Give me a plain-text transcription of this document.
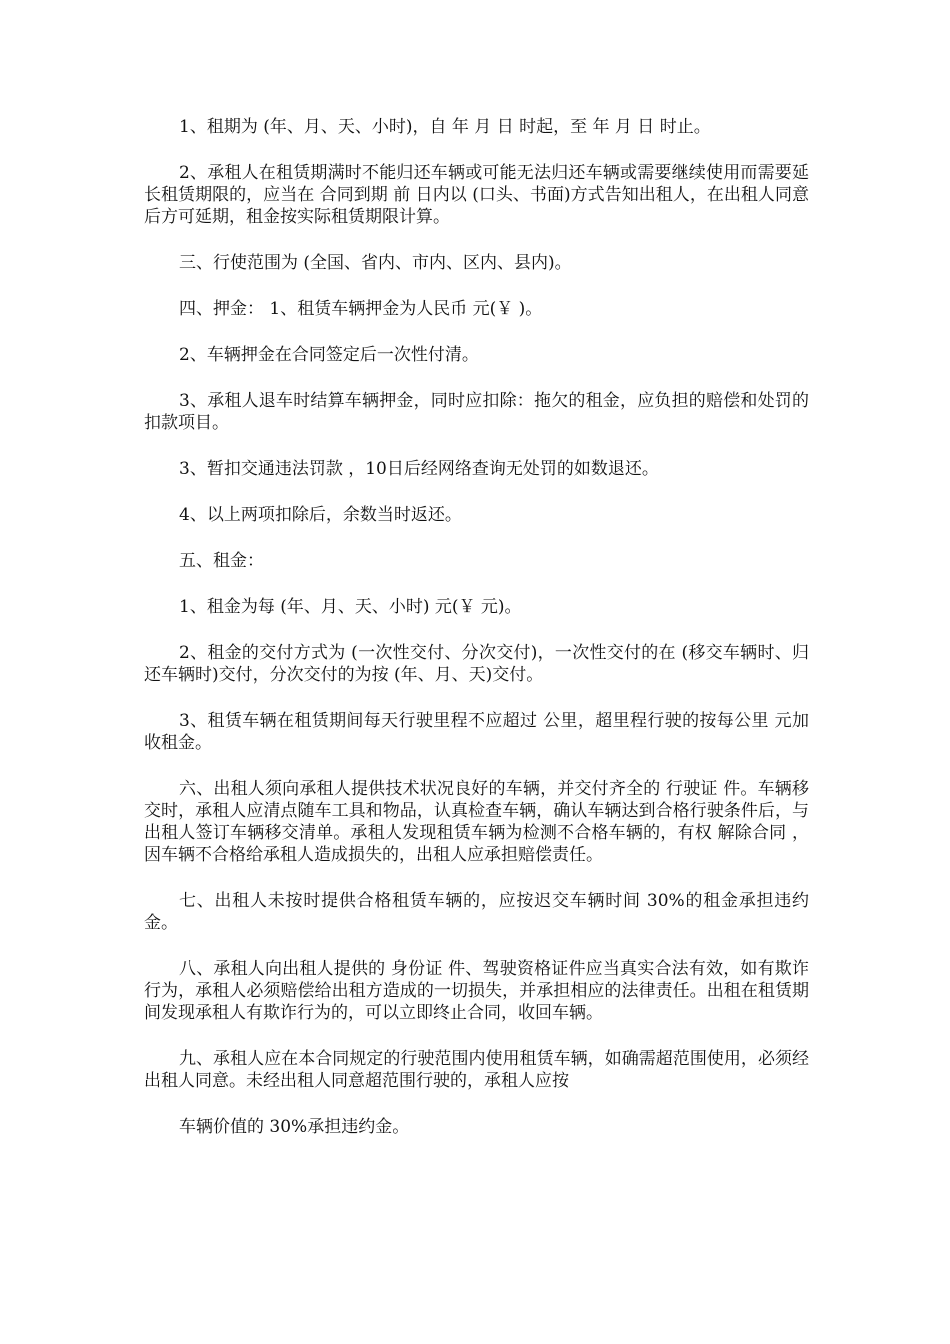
1、租期为 (年、月、天、小时)，自 年 月 日 时起，至 年 月 日 时止。

2、承租人在租赁期满时不能归还车辆或可能无法归还车辆或需要继续使用而需要延长租赁期限的，应当在 合同到期 前 日内以 (口头、书面)方式告知出租人，在出租人同意后方可延期，租金按实际租赁期限计算。

三、行使范围为 (全国、省内、市内、区内、县内)。

四、押金： 1、租赁车辆押金为人民币 元(￥ )。

2、车辆押金在合同签定后一次性付清。

3、承租人退车时结算车辆押金，同时应扣除：拖欠的租金，应负担的赔偿和处罚的扣款项目。

3、暂扣交通违法罚款 ，10日后经网络查询无处罚的如数退还。

4、以上两项扣除后，余数当时返还。

五、租金：

1、租金为每 (年、月、天、小时) 元(￥ 元)。

2、租金的交付方式为 (一次性交付、分次交付)，一次性交付的在 (移交车辆时、归还车辆时)交付，分次交付的为按 (年、月、天)交付。

3、租赁车辆在租赁期间每天行驶里程不应超过 公里，超里程行驶的按每公里 元加收租金。

六、出租人须向承租人提供技术状况良好的车辆，并交付齐全的 行驶证 件。车辆移交时，承租人应清点随车工具和物品，认真检查车辆，确认车辆达到合格行驶条件后，与出租人签订车辆移交清单。承租人发现租赁车辆为检测不合格车辆的，有权 解除合同 ，因车辆不合格给承租人造成损失的，出租人应承担赔偿责任。

七、出租人未按时提供合格租赁车辆的，应按迟交车辆时间 30%的租金承担违约金。

八、承租人向出租人提供的 身份证 件、驾驶资格证件应当真实合法有效，如有欺诈行为，承租人必须赔偿给出租方造成的一切损失，并承担相应的法律责任。出租在租赁期间发现承租人有欺诈行为的，可以立即终止合同，收回车辆。

九、承租人应在本合同规定的行驶范围内使用租赁车辆，如确需超范围使用，必须经出租人同意。未经出租人同意超范围行驶的，承租人应按

车辆价值的 30%承担违约金。
